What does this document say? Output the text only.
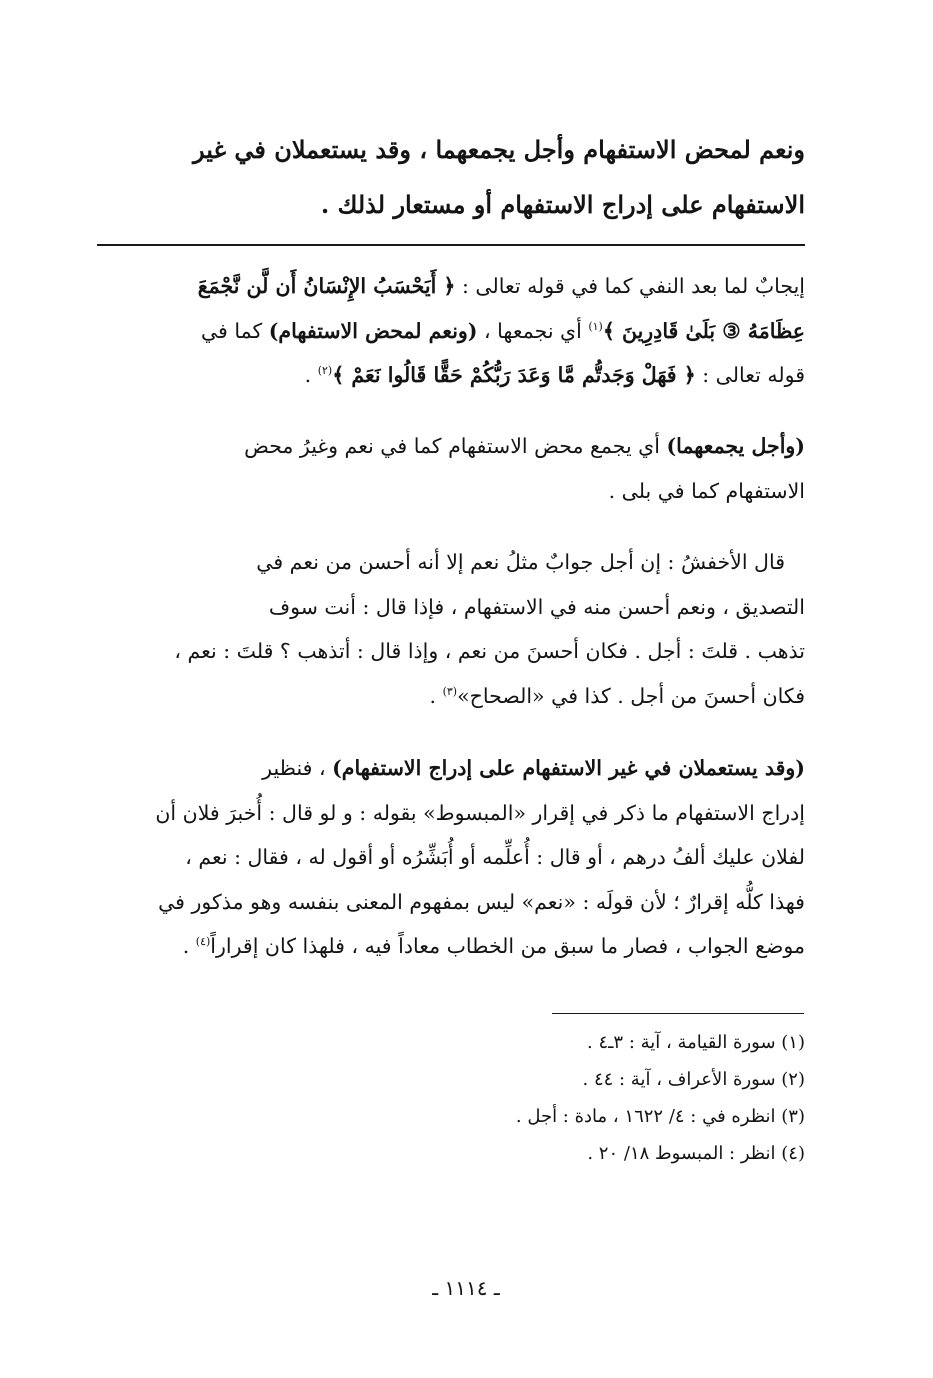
ونعم لمحض الاستفهام وأجل يجمعهما ، وقد يستعملان في غير
الاستفهام على إدراج الاستفهام أو مستعار لذلك .
إيجابٌ لما بعد النفي كما في قوله تعالى : ﴿ أَيَحْسَبُ الإِنْسَانُ أَن لَّن نَّجْمَعَ
عِظَامَهُ ③ بَلَىٰ قَادِرِينَ ﴾$^{(١)}$ أي نجمعها ، (ونعم لمحض الاستفهام) كما في
قوله تعالى : ﴿ فَهَلْ وَجَدتُّم مَّا وَعَدَ رَبُّكُمْ حَقًّا قَالُوا نَعَمْ ﴾$^{(٢)}$ .
(وأجل يجمعهما) أي يجمع محض الاستفهام كما في نعم وغيرُ محض
الاستفهام كما في بلى .
قال الأخفشُ : إن أجل جوابٌ مثلُ نعم إلا أنه أحسن من نعم في
التصديق ، ونعم أحسن منه في الاستفهام ، فإذا قال : أنت سوف
تذهب . قلتَ : أجل . فكان أحسنَ من نعم ، وإذا قال : أتذهب ؟ قلتَ : نعم ،
فكان أحسنَ من أجل . كذا في «الصحاح»$^{(٣)}$ .
(وقد يستعملان في غير الاستفهام على إدراج الاستفهام) ، فنظير
إدراج الاستفهام ما ذكر في إقرار «المبسوط» بقوله : و لو قال : أُخبرَ فلان أن
لفلان عليك ألفُ درهم ، أو قال : أُعلِّمه أو أُبَشِّرُه أو أقول له ، فقال : نعم ،
فهذا كلُّه إقرارٌ ؛ لأن قولَه : «نعم» ليس بمفهوم المعنى بنفسه وهو مذكور في
موضع الجواب ، فصار ما سبق من الخطاب معاداً فيه ، فلهذا كان إقراراً$^{(٤)}$ .
(١) سورة القيامة ، آية : ٣ـ٤ .
(٢) سورة الأعراف ، آية : ٤٤ .
(٣) انظره في : ٤/ ١٦٢٢ ، مادة : أجل .
(٤) انظر : المبسوط ١٨/ ٢٠ .
ـ ١١١٤ ـ
